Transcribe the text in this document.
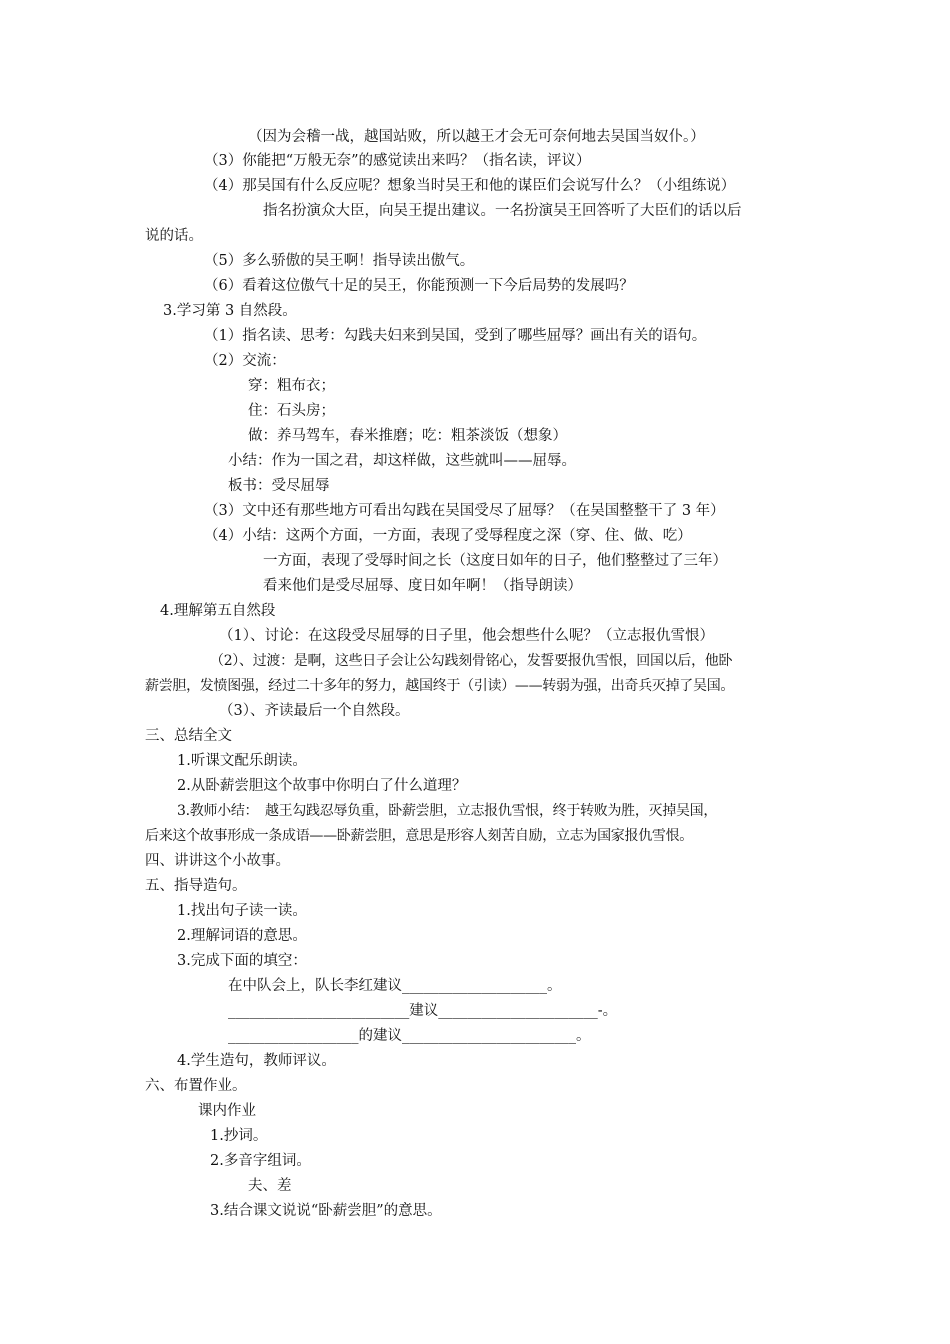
（因为会稽一战，越国站败，所以越王才会无可奈何地去吴国当奴仆。）
（3）你能把“万般无奈”的感觉读出来吗？（指名读，评议）
（4）那吴国有什么反应呢？想象当时吴王和他的谋臣们会说写什么？（小组练说）
指名扮演众大臣，向吴王提出建议。一名扮演吴王回答听了大臣们的话以后
说的话。
（5）多么骄傲的吴王啊！指导读出傲气。
（6）看着这位傲气十足的吴王，你能预测一下今后局势的发展吗？
3.学习第 3 自然段。
（1）指名读、思考：勾践夫妇来到吴国，受到了哪些屈辱？画出有关的语句。
（2）交流：
穿：粗布衣；
住：石头房；
做：养马驾车，春米推磨；吃：粗茶淡饭（想象）
小结：作为一国之君，却这样做，这些就叫——屈辱。
板书：受尽屈辱
（3）文中还有那些地方可看出勾践在吴国受尽了屈辱？（在吴国整整干了 3 年）
（4）小结：这两个方面，一方面，表现了受辱程度之深（穿、住、做、吃）
一方面，表现了受辱时间之长（这度日如年的日子，他们整整过了三年）
看来他们是受尽屈辱、度日如年啊！（指导朗读）
4.理解第五自然段
（1）、讨论：在这段受尽屈辱的日子里，他会想些什么呢？（立志报仇雪恨）
（2）、过渡：是啊，这些日子会让公勾践刻骨铭心，发誓要报仇雪恨，回国以后，他卧
薪尝胆，发愤图强，经过二十多年的努力，越国终于（引读）——转弱为强，出奇兵灭掉了吴国。
（3）、齐读最后一个自然段。
三、总结全文
1.听课文配乐朗读。
2.从卧薪尝胆这个故事中你明白了什么道理？
3.教师小结：　越王勾践忍辱负重，卧薪尝胆，立志报仇雪恨，终于转败为胜，灭掉吴国，
后来这个故事形成一条成语——卧薪尝胆，意思是形容人刻苦自励，立志为国家报仇雪恨。
四、讲讲这个小故事。
五、指导造句。
1.找出句子读一读。
2.理解词语的意思。
3.完成下面的填空：
在中队会上，队长李红建议____________________。
_________________________建议______________________-。
__________________的建议________________________。
4.学生造句，教师评议。
六、布置作业。
课内作业
1.抄词。
2.多音字组词。
夫、差
3.结合课文说说“卧薪尝胆”的意思。
